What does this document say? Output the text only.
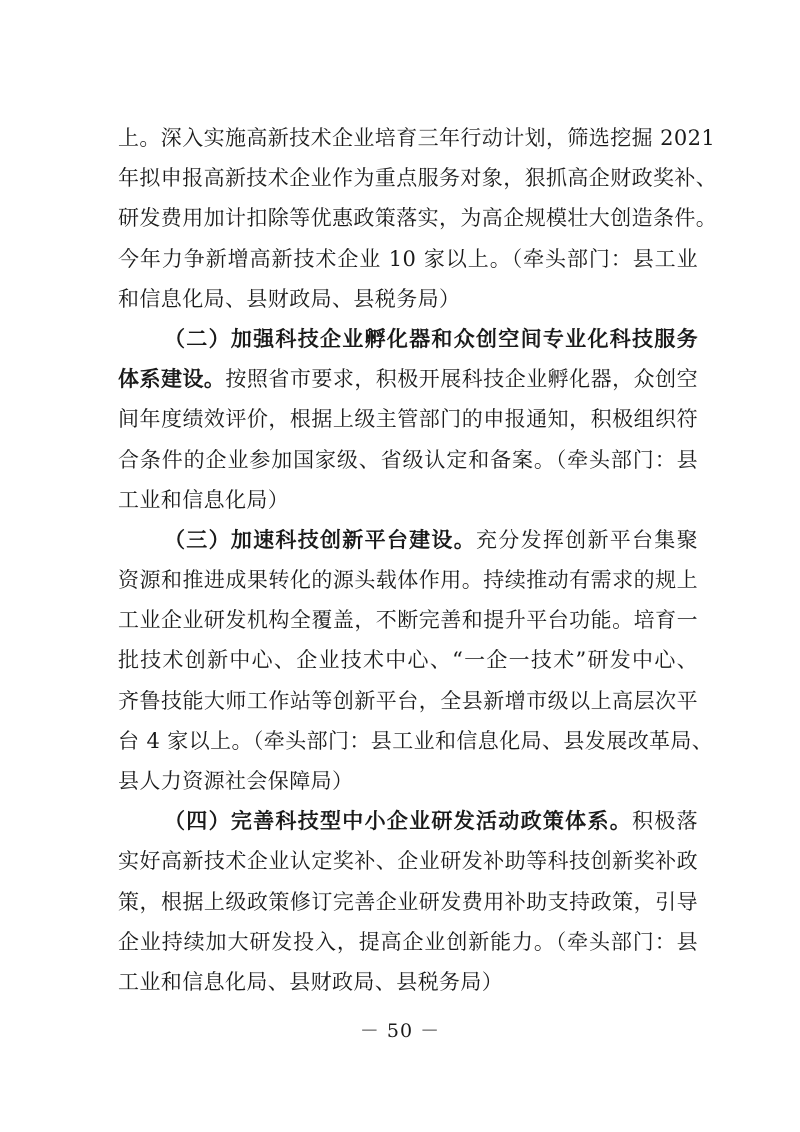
上。深入实施高新技术企业培育三年行动计划，筛选挖掘 2021
年拟申报高新技术企业作为重点服务对象，狠抓高企财政奖补、
研发费用加计扣除等优惠政策落实，为高企规模壮大创造条件。
今年力争新增高新技术企业 10 家以上。（牵头部门：县工业
和信息化局、县财政局、县税务局）
（二）加强科技企业孵化器和众创空间专业化科技服务
体系建设。按照省市要求，积极开展科技企业孵化器，众创空
间年度绩效评价，根据上级主管部门的申报通知，积极组织符
合条件的企业参加国家级、省级认定和备案。（牵头部门：县
工业和信息化局）
（三）加速科技创新平台建设。充分发挥创新平台集聚
资源和推进成果转化的源头载体作用。持续推动有需求的规上
工业企业研发机构全覆盖，不断完善和提升平台功能。培育一
批技术创新中心、企业技术中心、“一企一技术”研发中心、
齐鲁技能大师工作站等创新平台，全县新增市级以上高层次平
台 4 家以上。（牵头部门：县工业和信息化局、县发展改革局、
县人力资源社会保障局）
（四）完善科技型中小企业研发活动政策体系。积极落
实好高新技术企业认定奖补、企业研发补助等科技创新奖补政
策，根据上级政策修订完善企业研发费用补助支持政策，引导
企业持续加大研发投入，提高企业创新能力。（牵头部门：县
工业和信息化局、县财政局、县税务局）
－ 50 －
